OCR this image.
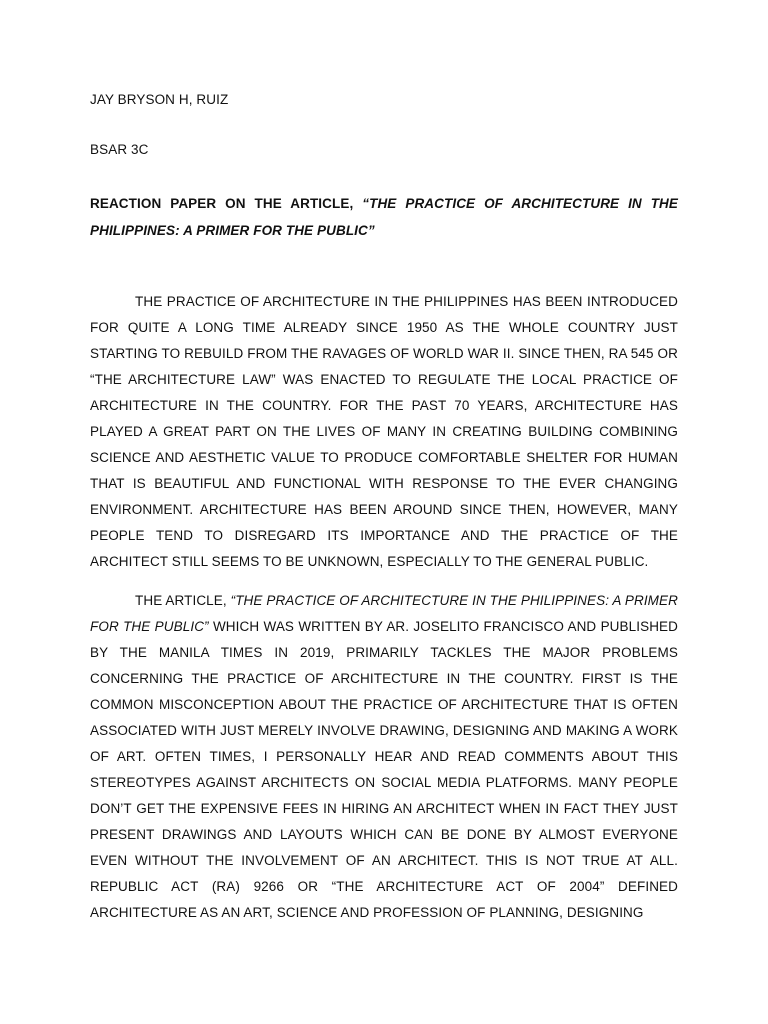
JAY BRYSON H, RUIZ
BSAR 3C
REACTION PAPER ON THE ARTICLE, “THE PRACTICE OF ARCHITECTURE IN THE PHILIPPINES: A PRIMER FOR THE PUBLIC”

THE PRACTICE OF ARCHITECTURE IN THE PHILIPPINES HAS BEEN INTRODUCED FOR QUITE A LONG TIME ALREADY SINCE 1950 AS THE WHOLE COUNTRY JUST STARTING TO REBUILD FROM THE RAVAGES OF WORLD WAR II. SINCE THEN, RA 545 OR “THE ARCHITECTURE LAW” WAS ENACTED TO REGULATE THE LOCAL PRACTICE OF ARCHITECTURE IN THE COUNTRY. FOR THE PAST 70 YEARS, ARCHITECTURE HAS PLAYED A GREAT PART ON THE LIVES OF MANY IN CREATING BUILDING COMBINING SCIENCE AND AESTHETIC VALUE TO PRODUCE COMFORTABLE SHELTER FOR HUMAN THAT IS BEAUTIFUL AND FUNCTIONAL WITH RESPONSE TO THE EVER CHANGING ENVIRONMENT. ARCHITECTURE HAS BEEN AROUND SINCE THEN, HOWEVER, MANY PEOPLE TEND TO DISREGARD ITS IMPORTANCE AND THE PRACTICE OF THE ARCHITECT STILL SEEMS TO BE UNKNOWN, ESPECIALLY TO THE GENERAL PUBLIC.

THE ARTICLE, “THE PRACTICE OF ARCHITECTURE IN THE PHILIPPINES: A PRIMER FOR THE PUBLIC” WHICH WAS WRITTEN BY AR. JOSELITO FRANCISCO AND PUBLISHED BY THE MANILA TIMES IN 2019, PRIMARILY TACKLES THE MAJOR PROBLEMS CONCERNING THE PRACTICE OF ARCHITECTURE IN THE COUNTRY. FIRST IS THE COMMON MISCONCEPTION ABOUT THE PRACTICE OF ARCHITECTURE THAT IS OFTEN ASSOCIATED WITH JUST MERELY INVOLVE DRAWING, DESIGNING AND MAKING A WORK OF ART. OFTEN TIMES, I PERSONALLY HEAR AND READ COMMENTS ABOUT THIS STEREOTYPES AGAINST ARCHITECTS ON SOCIAL MEDIA PLATFORMS. MANY PEOPLE DON’T GET THE EXPENSIVE FEES IN HIRING AN ARCHITECT WHEN IN FACT THEY JUST PRESENT DRAWINGS AND LAYOUTS WHICH CAN BE DONE BY ALMOST EVERYONE EVEN WITHOUT THE INVOLVEMENT OF AN ARCHITECT. THIS IS NOT TRUE AT ALL. REPUBLIC ACT (RA) 9266 OR “THE ARCHITECTURE ACT OF 2004” DEFINED ARCHITECTURE AS AN ART, SCIENCE AND PROFESSION OF PLANNING, DESIGNING
